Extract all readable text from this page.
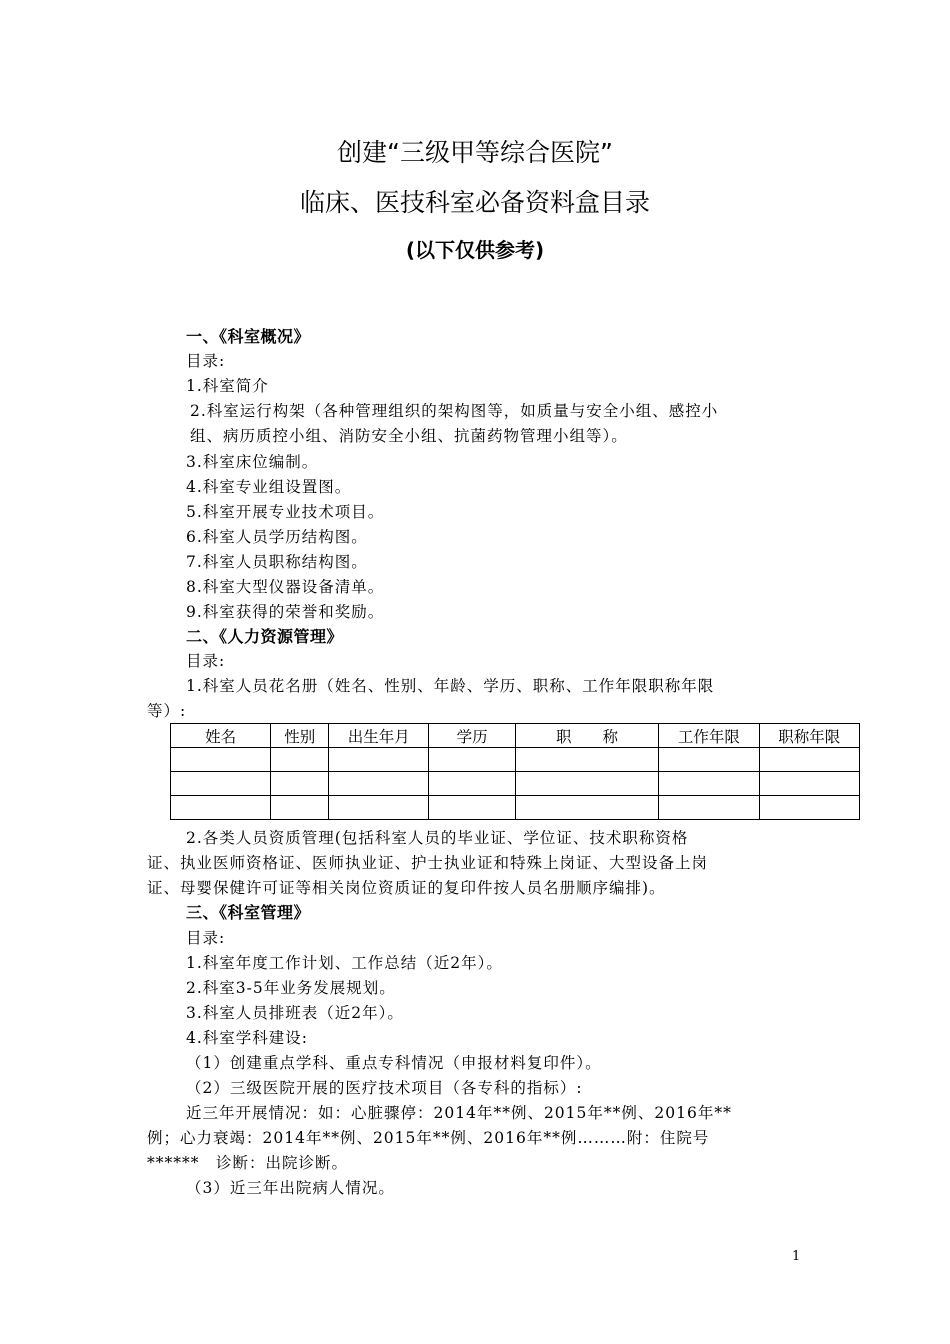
创建“三级甲等综合医院”
临床、医技科室必备资料盒目录
(以下仅供参考)
一、《科室概况》
目录:
1.科室简介
2.科室运行构架（各种管理组织的架构图等，如质量与安全小组、感控小
组、病历质控小组、消防安全小组、抗菌药物管理小组等）。
3.科室床位编制。
4.科室专业组设置图。
5.科室开展专业技术项目。
6.科室人员学历结构图。
7.科室人员职称结构图。
8.科室大型仪器设备清单。
9.科室获得的荣誉和奖励。
二、《人力资源管理》
目录:
1.科室人员花名册（姓名、性别、年龄、学历、职称、工作年限职称年限
等）:
姓名	性别	出生年月	学历	职　　称	工作年限	职称年限

2.各类人员资质管理(包括科室人员的毕业证、学位证、技术职称资格
证、执业医师资格证、医师执业证、护士执业证和特殊上岗证、大型设备上岗
证、母婴保健许可证等相关岗位资质证的复印件按人员名册顺序编排)。
三、《科室管理》
目录:
1.科室年度工作计划、工作总结（近2年）。
2.科室3-5年业务发展规划。
3.科室人员排班表（近2年）。
4.科室学科建设:
（1）创建重点学科、重点专科情况（申报材料复印件）。
（2）三级医院开展的医疗技术项目（各专科的指标）:
近三年开展情况：如：心脏骤停：2014年**例、2015年**例、2016年**
例；心力衰竭：2014年**例、2015年**例、2016年**例………附：住院号
******　诊断：出院诊断。
（3）近三年出院病人情况。
1
